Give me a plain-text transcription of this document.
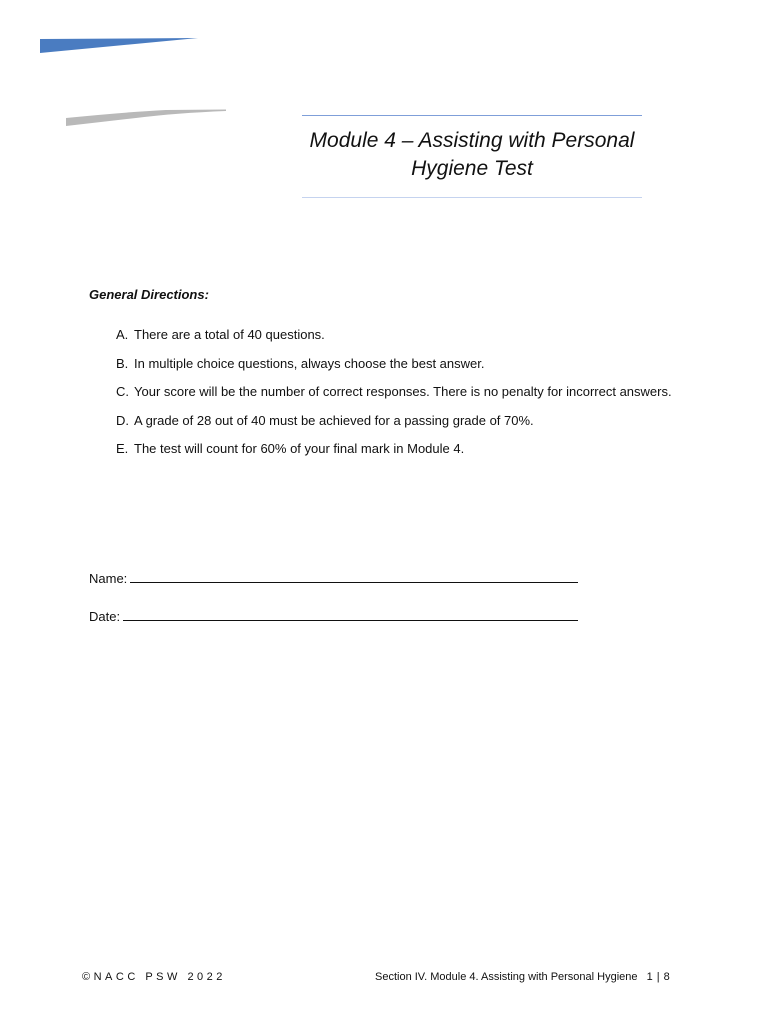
Module 4 – Assisting with Personal
Hygiene Test
General Directions:
A. There are a total of 40 questions.
B. In multiple choice questions, always choose the best answer.
C. Your score will be the number of correct responses. There is no penalty for incorrect answers.
D. A grade of 28 out of 40 must be achieved for a passing grade of 70%.
E. The test will count for 60% of your final mark in Module 4.
Name:
Date:
©NACC PSW 2022	Section IV. Module 4. Assisting with Personal Hygiene 1 | 8
